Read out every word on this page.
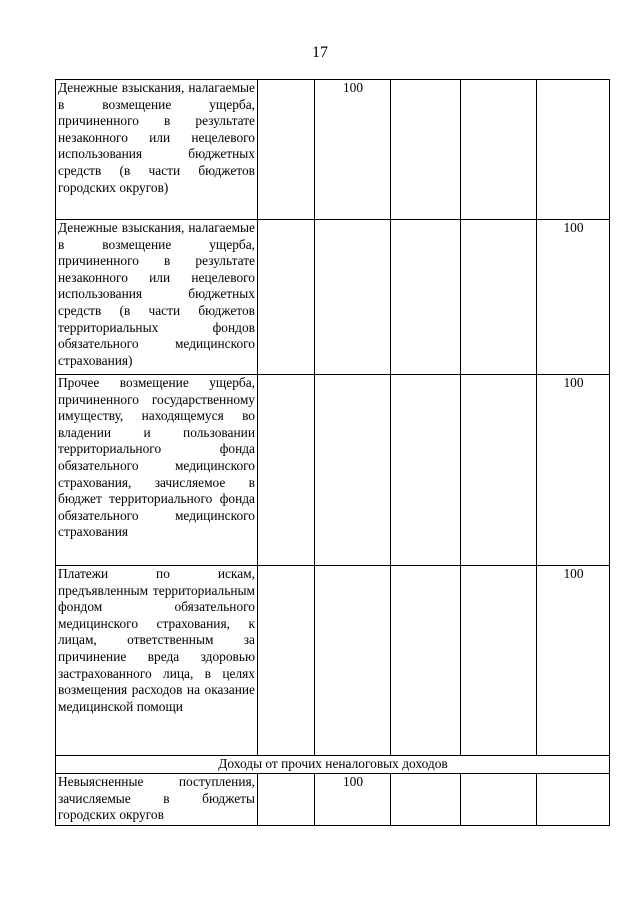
17
Денежные взыскания, налагаемые в возмещение ущерба, причиненного в результате незаконного или нецелевого использования бюджетных средств (в части бюджетов городских округов)		100			
Денежные взыскания, налагаемые в возмещение ущерба, причиненного в результате незаконного или нецелевого использования бюджетных средств (в части бюджетов территориальных фондов обязательного медицинского страхования)					100
Прочее возмещение ущерба, причиненного государственному имуществу, находящемуся во владении и пользовании территориального фонда обязательного медицинского страхования, зачисляемое в бюджет территориального фонда обязательного медицинского страхования					100
Платежи по искам, предъявленным территориальным фондом обязательного медицинского страхования, к лицам, ответственным за причинение вреда здоровью застрахованного лица, в целях возмещения расходов на оказание медицинской помощи					100
Доходы от прочих неналоговых доходов					
Невыясненные поступления, зачисляемые в бюджеты городских округов		100			
